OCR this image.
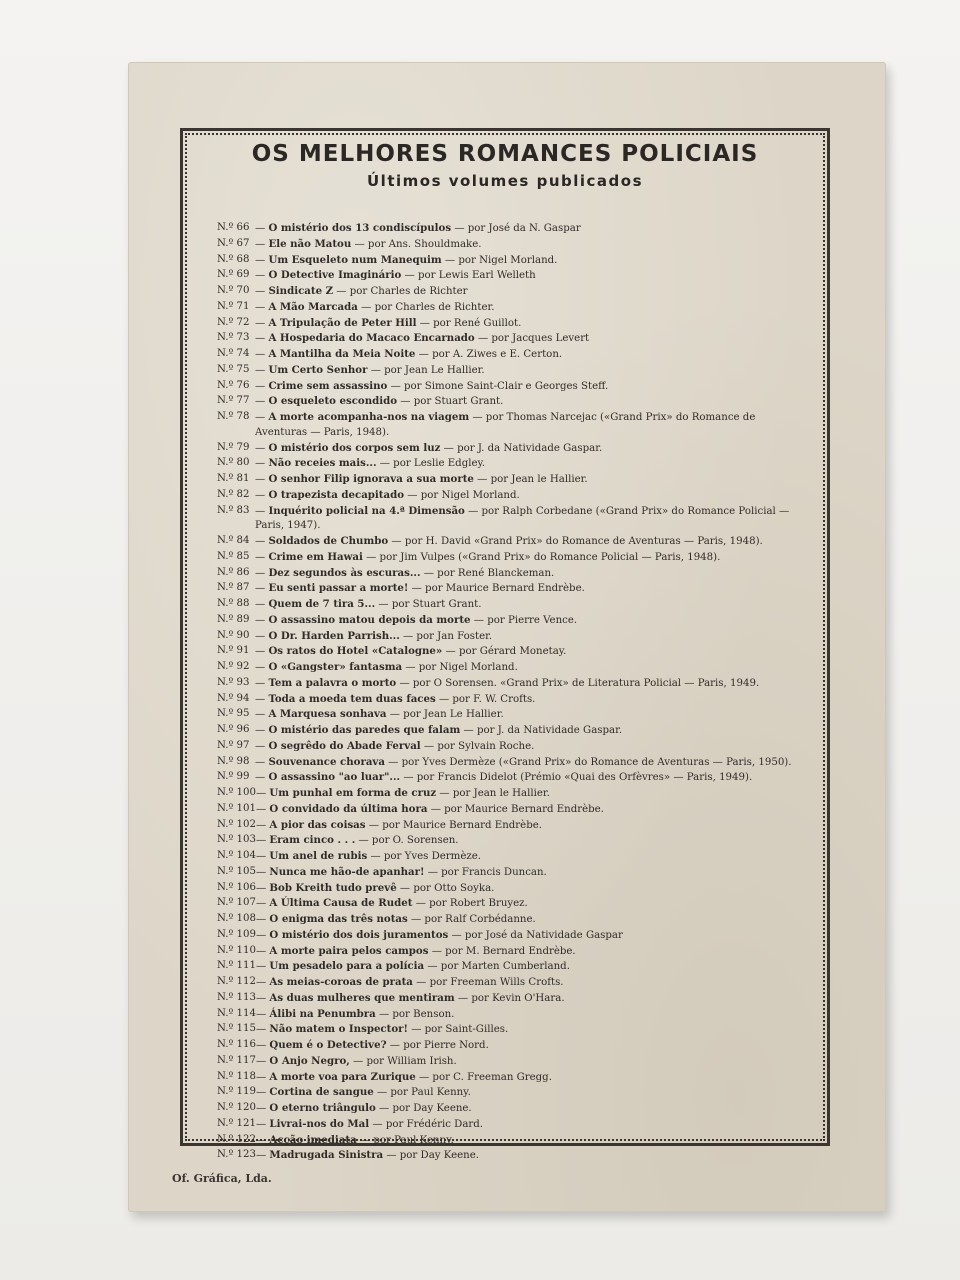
OS MELHORES ROMANCES POLICIAIS
Últimos volumes publicados
N.º 66 — O mistério dos 13 condiscípulos — por José da N. Gaspar
N.º 67 — Ele não Matou — por Ans. Shouldmake.
N.º 68 — Um Esqueleto num Manequim — por Nigel Morland.
N.º 69 — O Detective Imaginário — por Lewis Earl Welleth
N.º 70 — Sindicate Z — por Charles de Richter
N.º 71 — A Mão Marcada — por Charles de Richter.
N.º 72 — A Tripulação de Peter Hill — por René Guillot.
N.º 73 — A Hospedaria do Macaco Encarnado — por Jacques Levert
N.º 74 — A Mantilha da Meia Noite — por A. Ziwes e E. Certon.
N.º 75 — Um Certo Senhor — por Jean Le Hallier.
N.º 76 — Crime sem assassino — por Simone Saint-Clair e Georges Steff.
N.º 77 — O esqueleto escondido — por Stuart Grant.
N.º 78 — A morte acompanha-nos na viagem — por Thomas Narcejac («Grand Prix» do Romance de Aventuras — Paris, 1948).
N.º 79 — O mistério dos corpos sem luz — por J. da Natividade Gaspar.
N.º 80 — Não receies mais... — por Leslie Edgley.
N.º 81 — O senhor Filip ignorava a sua morte — por Jean le Hallier.
N.º 82 — O trapezista decapitado — por Nigel Morland.
N.º 83 — Inquérito policial na 4.ª Dimensão — por Ralph Corbedane («Grand Prix» do Romance Policial — Paris, 1947).
N.º 84 — Soldados de Chumbo — por H. David «Grand Prix» do Romance de Aventuras — Paris, 1948).
N.º 85 — Crime em Hawai — por Jim Vulpes («Grand Prix» do Romance Policial — Paris, 1948).
N.º 86 — Dez segundos às escuras... — por René Blanckeman.
N.º 87 — Eu senti passar a morte! — por Maurice Bernard Endrèbe.
N.º 88 — Quem de 7 tira 5... — por Stuart Grant.
N.º 89 — O assassino matou depois da morte — por Pierre Vence.
N.º 90 — O Dr. Harden Parrish... — por Jan Foster.
N.º 91 — Os ratos do Hotel «Catalogne» — por Gérard Monetay.
N.º 92 — O «Gangster» fantasma — por Nigel Morland.
N.º 93 — Tem a palavra o morto — por O Sorensen. «Grand Prix» de Literatura Policial — Paris, 1949.
N.º 94 — Toda a moeda tem duas faces — por F. W. Crofts.
N.º 95 — A Marquesa sonhava — por Jean Le Hallier.
N.º 96 — O mistério das paredes que falam — por J. da Natividade Gaspar.
N.º 97 — O segrêdo do Abade Ferval — por Sylvain Roche.
N.º 98 — Souvenance chorava — por Yves Dermèze («Grand Prix» do Romance de Aventuras — Paris, 1950).
N.º 99 — O assassino "ao luar"... — por Francis Didelot (Prémio «Quai des Orfèvres» — Paris, 1949).
N.º 100 — Um punhal em forma de cruz — por Jean le Hallier.
N.º 101 — O convidado da última hora — por Maurice Bernard Endrèbe.
N.º 102 — A pior das coisas — por Maurice Bernard Endrèbe.
N.º 103 — Eram cinco . . . — por O. Sorensen.
N.º 104 — Um anel de rubis — por Yves Dermèze.
N.º 105 — Nunca me hão-de apanhar! — por Francis Duncan.
N.º 106 — Bob Kreith tudo prevê — por Otto Soyka.
N.º 107 — A Última Causa de Rudet — por Robert Bruyez.
N.º 108 — O enigma das três notas — por Ralf Corbédanne.
N.º 109 — O mistério dos dois juramentos — por José da Natividade Gaspar
N.º 110 — A morte paira pelos campos — por M. Bernard Endrèbe.
N.º 111 — Um pesadelo para a polícia — por Marten Cumberland.
N.º 112 — As meias-coroas de prata — por Freeman Wills Crofts.
N.º 113 — As duas mulheres que mentiram — por Kevin O'Hara.
N.º 114 — Álibi na Penumbra — por Benson.
N.º 115 — Não matem o Inspector! — por Saint-Gilles.
N.º 116 — Quem é o Detective? — por Pierre Nord.
N.º 117 — O Anjo Negro, — por William Irish.
N.º 118 — A morte voa para Zurique — por C. Freeman Gregg.
N.º 119 — Cortina de sangue — por Paul Kenny.
N.º 120 — O eterno triângulo — por Day Keene.
N.º 121 — Livrai-nos do Mal — por Frédéric Dard.
N.º 122 — Acção imediata — por Paul Kenny.
N.º 123 — Madrugada Sinistra — por Day Keene.
Of. Gráfica, Lda.
